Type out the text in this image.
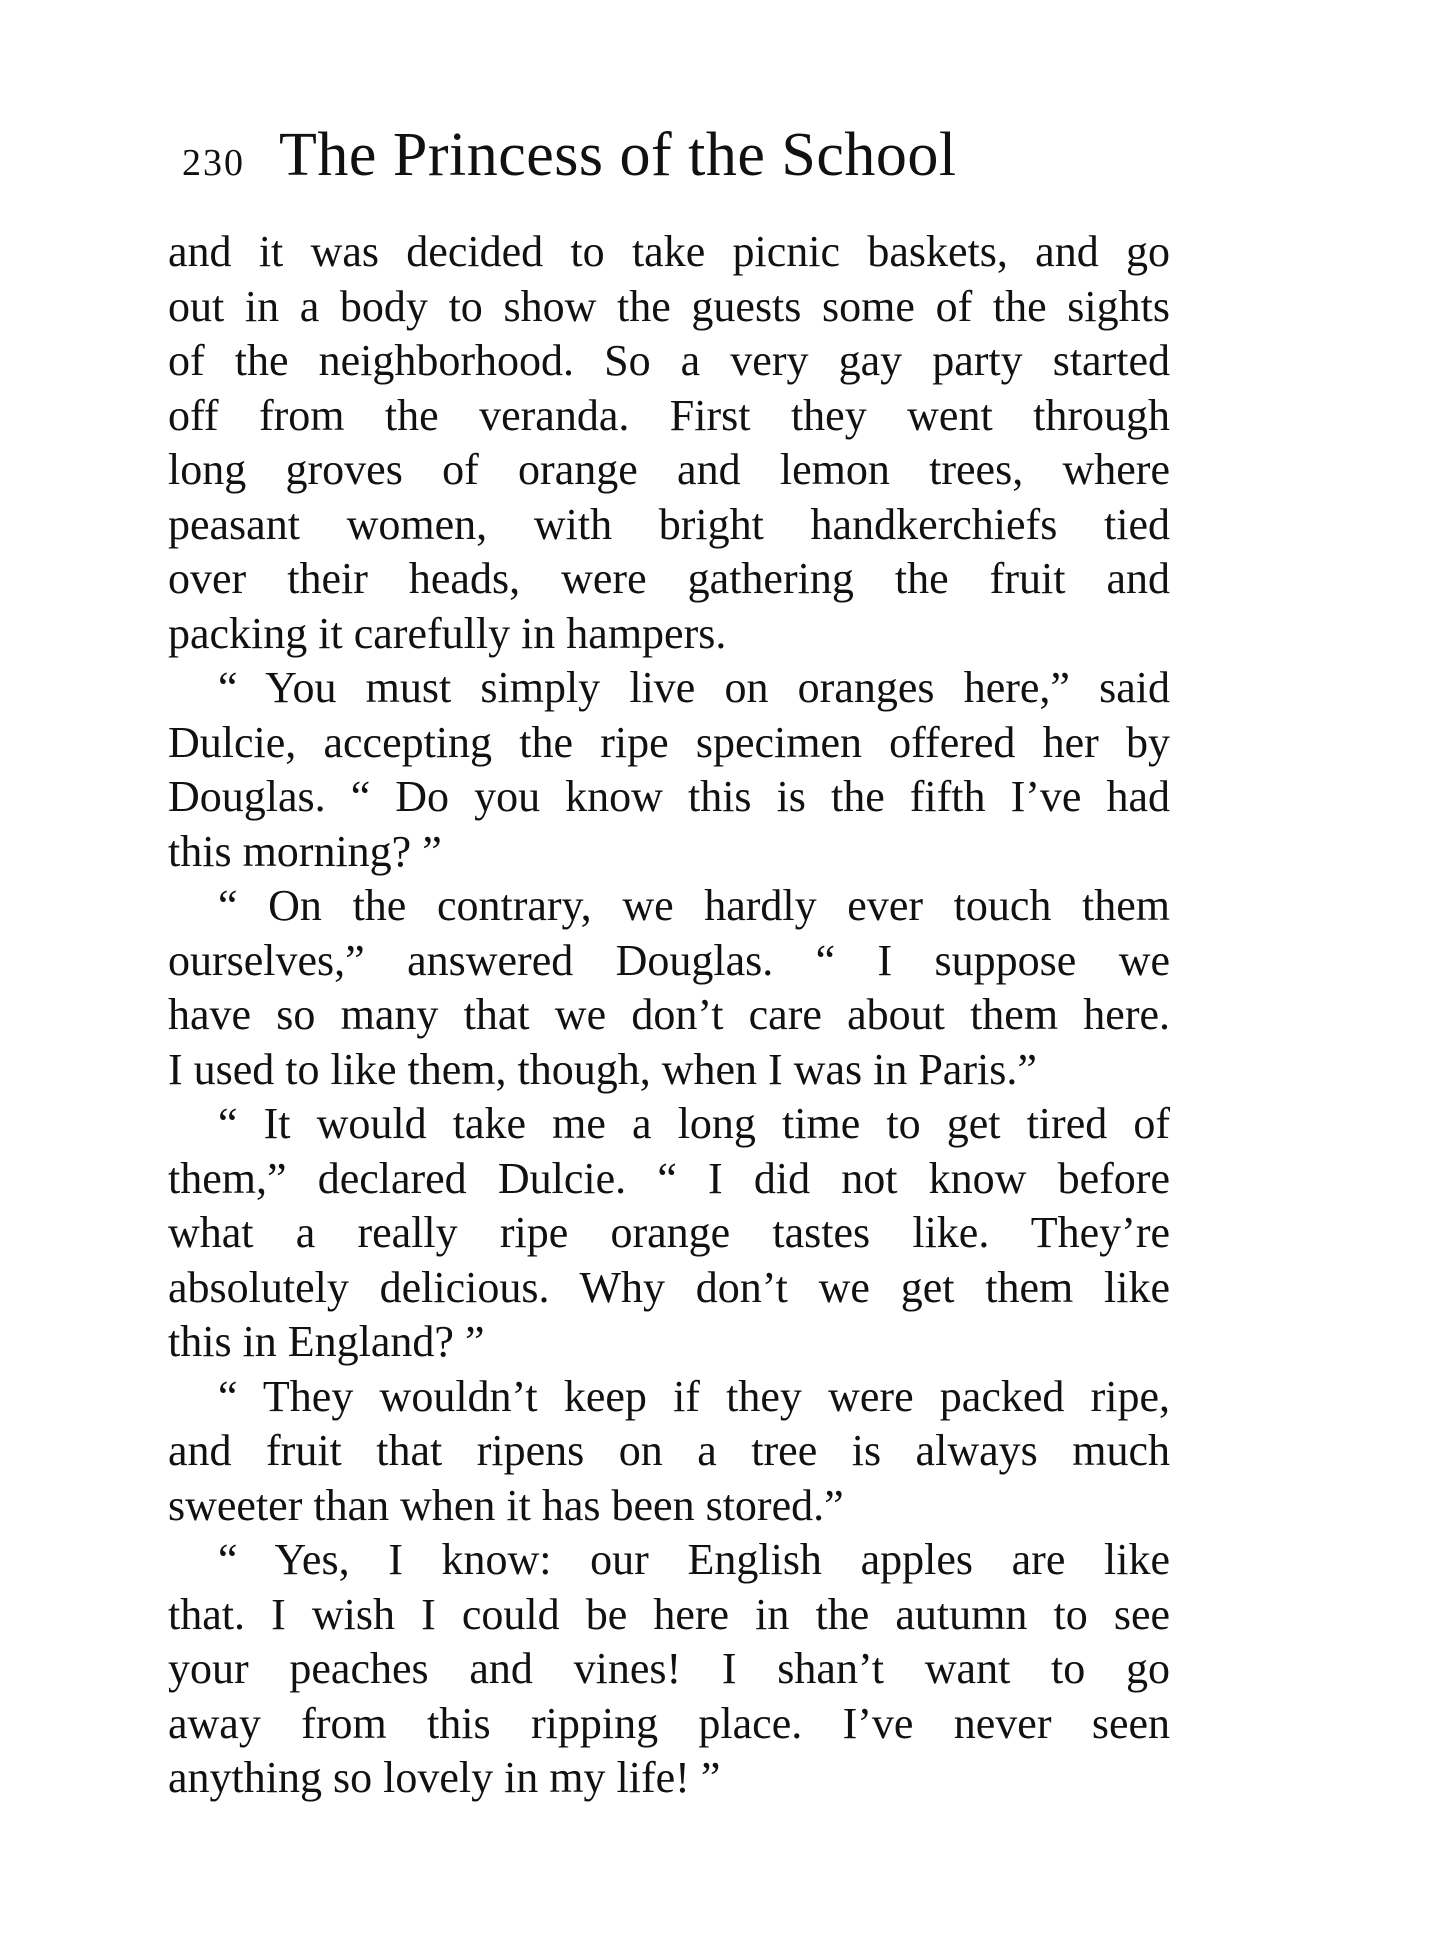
230 The Princess of the School
and it was decided to take picnic baskets, and go
out in a body to show the guests some of the sights
of the neighborhood. So a very gay party started
off from the veranda. First they went through
long groves of orange and lemon trees, where
peasant women, with bright handkerchiefs tied
over their heads, were gathering the fruit and
packing it carefully in hampers.
“ You must simply live on oranges here,” said
Dulcie, accepting the ripe specimen offered her by
Douglas. “ Do you know this is the fifth I’ve had
this morning? ”
“ On the contrary, we hardly ever touch them
ourselves,” answered Douglas. “ I suppose we
have so many that we don’t care about them here.
I used to like them, though, when I was in Paris.”
“ It would take me a long time to get tired of
them,” declared Dulcie. “ I did not know before
what a really ripe orange tastes like. They’re
absolutely delicious. Why don’t we get them like
this in England? ”
“ They wouldn’t keep if they were packed ripe,
and fruit that ripens on a tree is always much
sweeter than when it has been stored.”
“ Yes, I know: our English apples are like
that. I wish I could be here in the autumn to see
your peaches and vines! I shan’t want to go
away from this ripping place. I’ve never seen
anything so lovely in my life! ”
